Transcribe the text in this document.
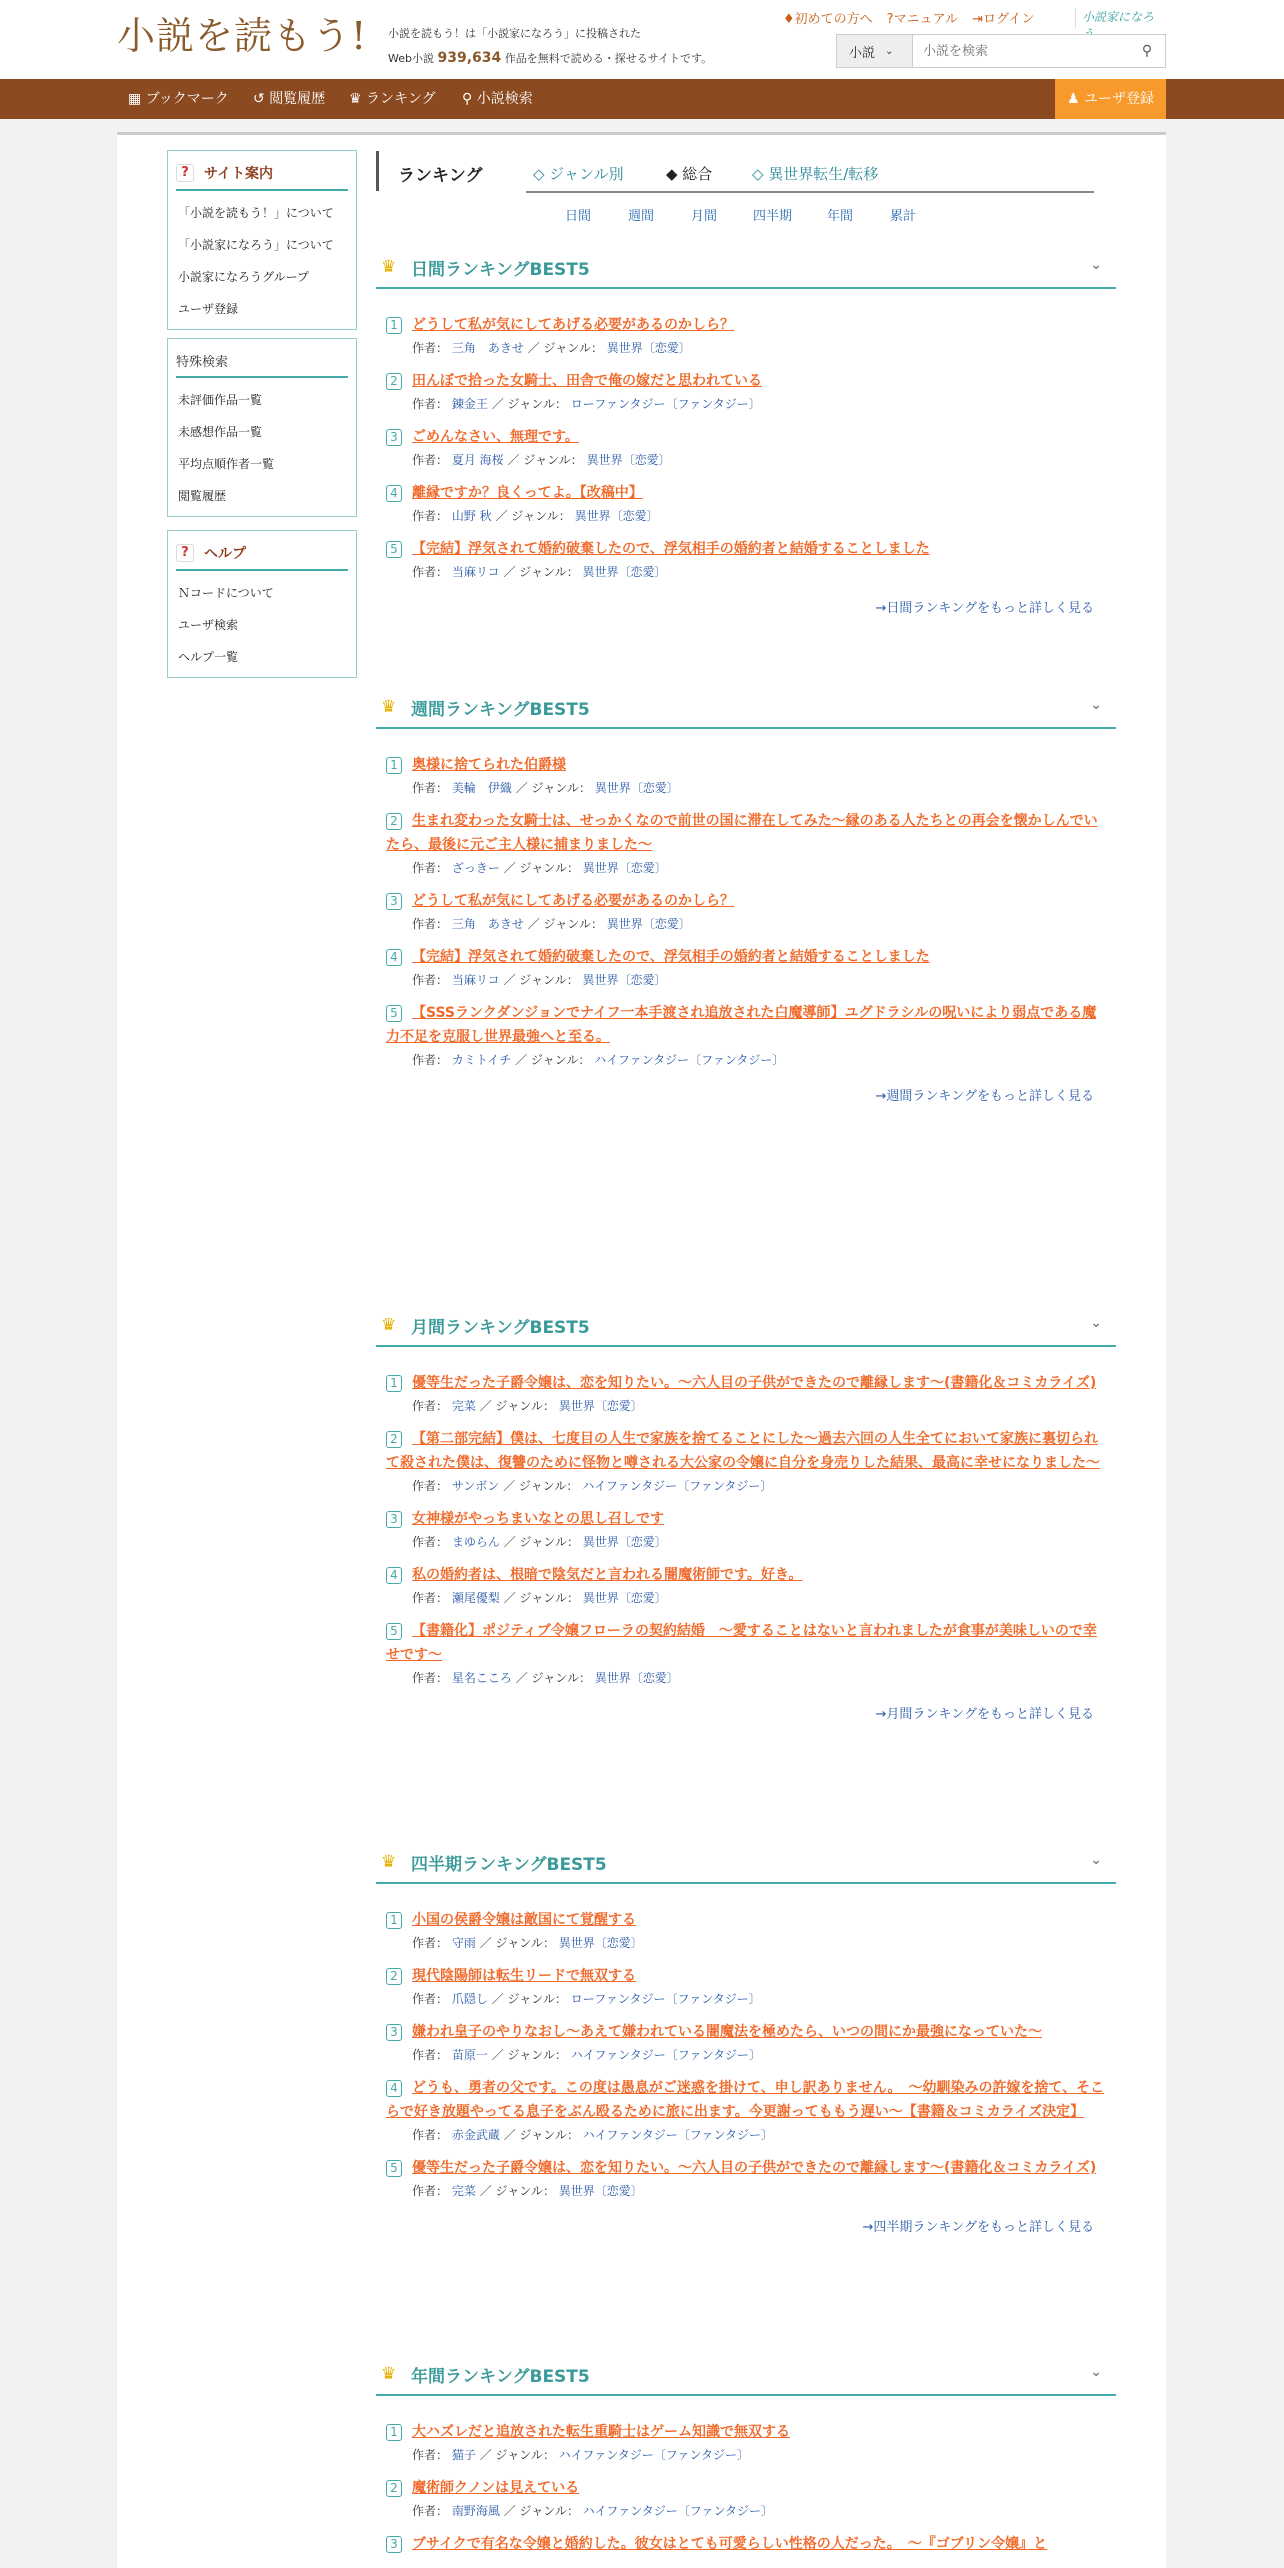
小説を読もう! 小説を読もう！は「小説家になろう」に投稿された
Web小説 939,634 作品を無料で読める・探せるサイトです。
♦初めての方へ ?マニュアル ⇥ログイン	小説家になろ
小説 ⌄
小説を検索	⚲
▦ ブックマーク ↺ 閲覧履歴 ♛ ランキング ⚲ 小説検索	♟ ユーザ登録
?	サイト案内
「小説を読もう！」について
「小説家になろう」について
小説家になろうグループ
ユーザ登録
特殊検索
未評価作品一覧
未感想作品一覧
平均点順作者一覧
閲覧履歴
?	ヘルプ
Ｎコードについて
ユーザ検索
ヘルプ一覧
ランキング	◇ ジャンル別	◆ 総合	◇ 異世界転生/転移
日間	週間	月間	四半期	年間	累計
♛ 日間ランキングBEST5	⌄
1	どうして私が気にしてあげる必要があるのかしら？
作者： 三角　あきせ ／ ジャンル： 異世界〔恋愛〕
2	田んぼで拾った女騎士、田舎で俺の嫁だと思われている
作者： 錬金王 ／ ジャンル： ローファンタジー〔ファンタジー〕
3	ごめんなさい、無理です。
作者： 夏月 海桜 ／ ジャンル： 異世界〔恋愛〕
4	離縁ですか？良くってよ。【改稿中】
作者： 山野 秋 ／ ジャンル： 異世界〔恋愛〕
5	【完結】浮気されて婚約破棄したので、浮気相手の婚約者と結婚することしました
作者： 当麻リコ ／ ジャンル： 異世界〔恋愛〕
→日間ランキングをもっと詳しく見る
♛ 週間ランキングBEST5	⌄
1	奥様に捨てられた伯爵様
作者： 美輪　伊織 ／ ジャンル： 異世界〔恋愛〕
2	生まれ変わった女騎士は、せっかくなので前世の国に滞在してみた～縁のある人たちとの再会を懐かしんでいたら、最後に元ご主人様に捕まりました～
作者： ざっきー ／ ジャンル： 異世界〔恋愛〕
3	どうして私が気にしてあげる必要があるのかしら？
作者： 三角　あきせ ／ ジャンル： 異世界〔恋愛〕
4	【完結】浮気されて婚約破棄したので、浮気相手の婚約者と結婚することしました
作者： 当麻リコ ／ ジャンル： 異世界〔恋愛〕
5	【SSSランクダンジョンでナイフ一本手渡され追放された白魔導師】ユグドラシルの呪いにより弱点である魔力不足を克服し世界最強へと至る。
作者： カミトイチ ／ ジャンル： ハイファンタジー〔ファンタジー〕
→週間ランキングをもっと詳しく見る
♛ 月間ランキングBEST5	⌄
1	優等生だった子爵令嬢は、恋を知りたい。～六人目の子供ができたので離縁します～(書籍化＆コミカライズ)
作者： 完菜 ／ ジャンル： 異世界〔恋愛〕
2	【第二部完結】僕は、七度目の人生で家族を捨てることにした～過去六回の人生全てにおいて家族に裏切られて殺された僕は、復讐のために怪物と噂される大公家の令嬢に自分を身売りした結果、最高に幸せになりました～
作者： サンボン ／ ジャンル： ハイファンタジー〔ファンタジー〕
3	女神様がやっちまいなとの思し召しです
作者： まゆらん ／ ジャンル： 異世界〔恋愛〕
4	私の婚約者は、根暗で陰気だと言われる闇魔術師です。好き。
作者： 瀬尾優梨 ／ ジャンル： 異世界〔恋愛〕
5	【書籍化】ポジティブ令嬢フローラの契約結婚　～愛することはないと言われましたが食事が美味しいので幸せです～
作者： 星名こころ ／ ジャンル： 異世界〔恋愛〕
→月間ランキングをもっと詳しく見る
♛ 四半期ランキングBEST5	⌄
1	小国の侯爵令嬢は敵国にて覚醒する
作者： 守雨 ／ ジャンル： 異世界〔恋愛〕
2	現代陰陽師は転生リードで無双する
作者： 爪隠し ／ ジャンル： ローファンタジー〔ファンタジー〕
3	嫌われ皇子のやりなおし～あえて嫌われている闇魔法を極めたら、いつの間にか最強になっていた～
作者： 苗原一 ／ ジャンル： ハイファンタジー〔ファンタジー〕
4	どうも、勇者の父です。この度は愚息がご迷惑を掛けて、申し訳ありません。　～幼馴染みの許嫁を捨て、そこらで好き放題やってる息子をぶん殴るために旅に出ます。今更謝ってももう遅い～【書籍＆コミカライズ決定】
作者： 赤金武蔵 ／ ジャンル： ハイファンタジー〔ファンタジー〕
5	優等生だった子爵令嬢は、恋を知りたい。～六人目の子供ができたので離縁します～(書籍化＆コミカライズ)
作者： 完菜 ／ ジャンル： 異世界〔恋愛〕
→四半期ランキングをもっと詳しく見る
♛ 年間ランキングBEST5	⌄
1	大ハズレだと追放された転生重騎士はゲーム知識で無双する
作者： 猫子 ／ ジャンル： ハイファンタジー〔ファンタジー〕
2	魔術師クノンは見えている
作者： 南野海風 ／ ジャンル： ハイファンタジー〔ファンタジー〕
3	ブサイクで有名な令嬢と婚約した。彼女はとても可愛らしい性格の人だった。　～『ゴブリン令嬢』と
